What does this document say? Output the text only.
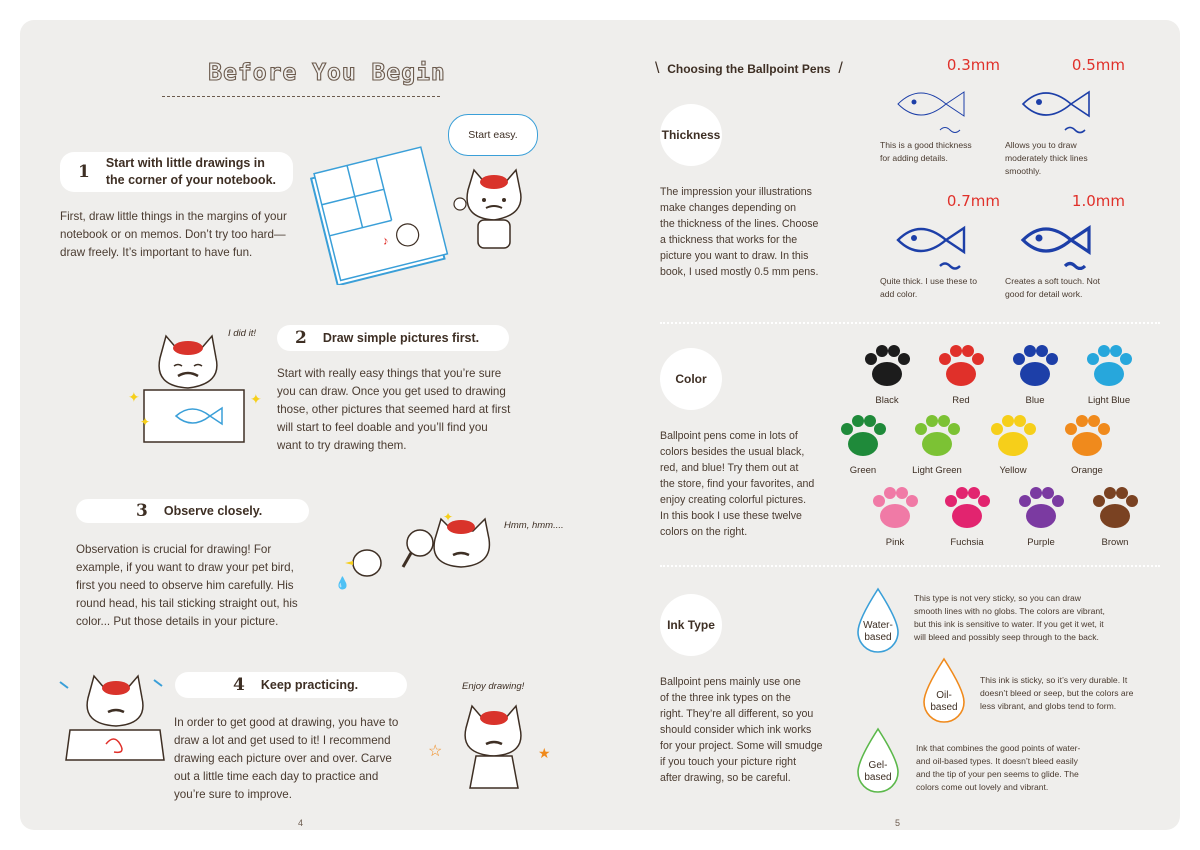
Before You Begin
1 Start with little drawings in
the corner of your notebook.
First, draw little things in the margins of your
notebook or on memos. Don’t try too hard—
draw freely. It’s important to have fun.
♪
Start easy.
2 Draw simple pictures first.
Start with really easy things that you’re sure
you can draw. Once you get used to drawing
those, other pictures that seemed hard at first
will start to feel doable and you’ll find you
want to try drawing them.
✦	✦
✦
I did it!
3 Observe closely.
Observation is crucial for drawing! For
example, if you want to draw your pet bird,
first you need to observe him carefully. His
round head, his tail sticking straight out, his
color... Put those details in your picture.
💧
✦
Hmm, hmm....
4 Keep practicing.
In order to get good at drawing, you have to
draw a lot and get used to it! I recommend
drawing each picture over and over. Carve
out a little time each day to practice and
you’re sure to improve.
☆	★
Enjoy drawing!
4
\  Choosing the Ballpoint Pens  /
Thickness
The impression your illustrations
make changes depending on
the thickness of the lines. Choose
a thickness that works for the
picture you want to draw. In this
book, I used mostly 0.5 mm pens.
0.3mm
This is a good thickness
for adding details.
0.5mm
Allows you to draw
moderately thick lines
smoothly.
0.7mm
Quite thick. I use these to
add color.
1.0mm
Creates a soft touch. Not
good for detail work.
Color
Ballpoint pens come in lots of
colors besides the usual black,
red, and blue! Try them out at
the store, find your favorites, and
enjoy creating colorful pictures.
In this book I use these twelve
colors on the right.
Black	Red	Blue	Light Blue
Green	Light Green	Yellow	Orange
Pink	Fuchsia	Purple	Brown
Ink Type
Ballpoint pens mainly use one
of the three ink types on the
right. They’re all different, so you
should consider which ink works
for your project. Some will smudge
if you touch your picture right
after drawing, so be careful.
Water-
based
This type is not very sticky, so you can draw
smooth lines with no globs. The colors are vibrant,
but this ink is sensitive to water. If you get it wet, it
will bleed and possibly seep through to the back.
Oil-
based
This ink is sticky, so it’s very durable. It
doesn’t bleed or seep, but the colors are
less vibrant, and globs tend to form.
Gel-
based
Ink that combines the good points of water-
and oil-based types. It doesn’t bleed easily
and the tip of your pen seems to glide. The
colors come out lovely and vibrant.
5
